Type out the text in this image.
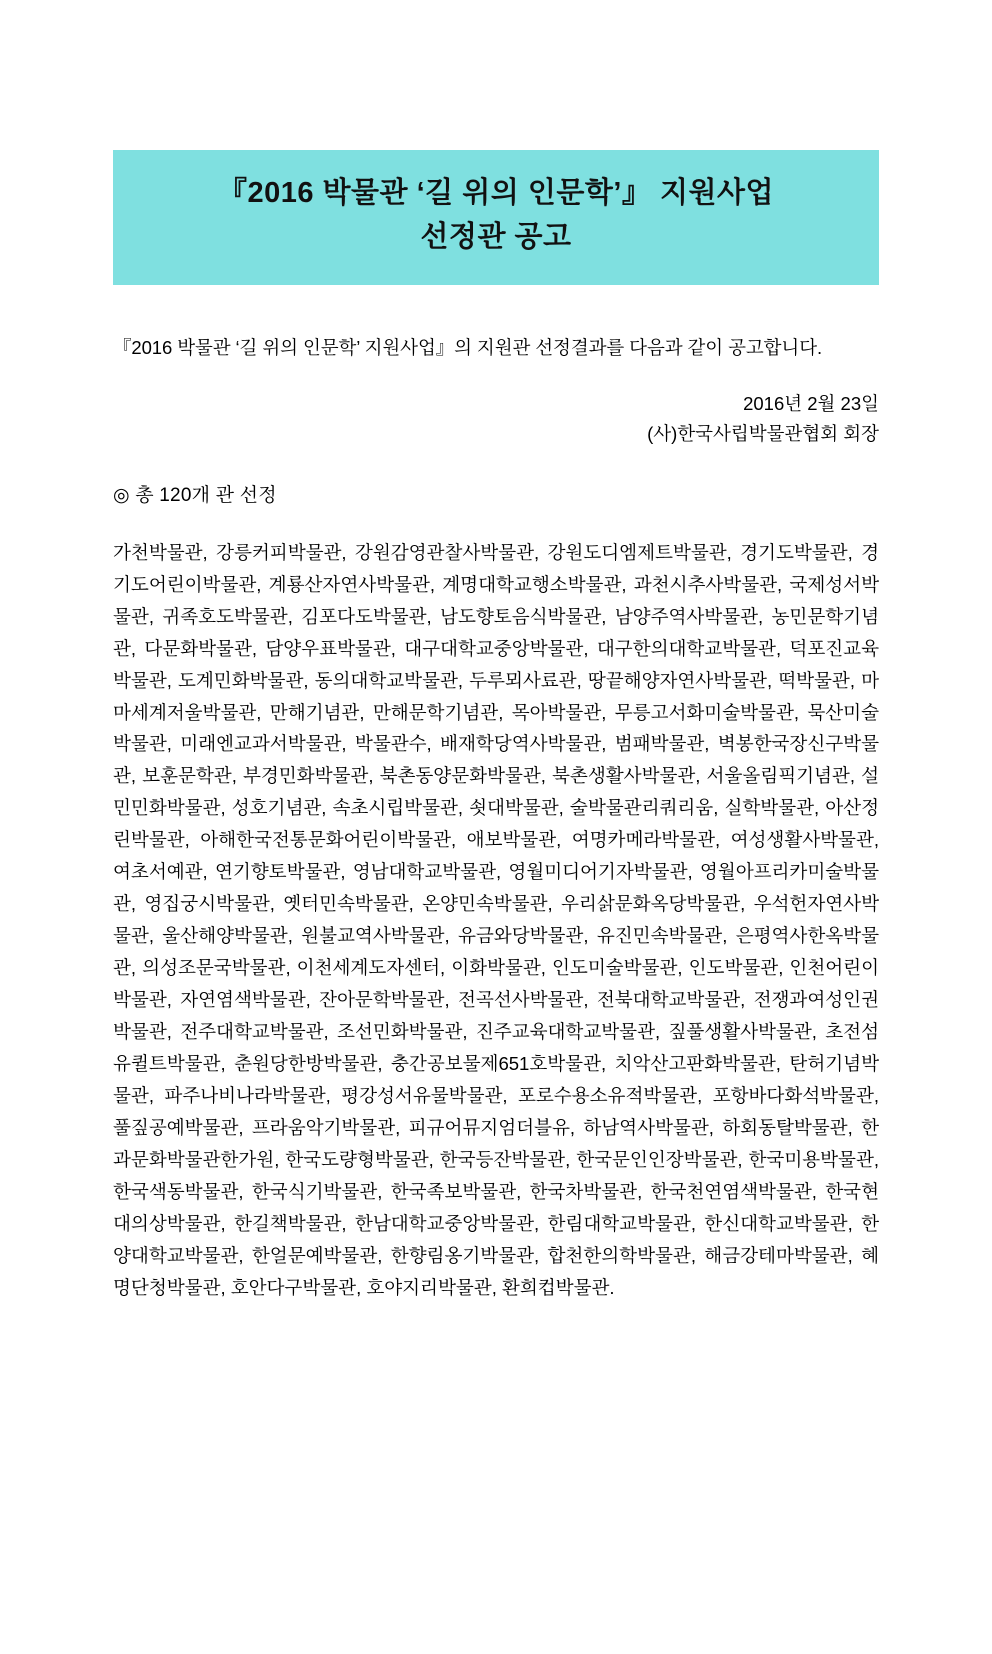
『2016 박물관 ‘길 위의 인문학’』 지원사업
선정관 공고

『2016 박물관 ‘길 위의 인문학’ 지원사업』의 지원관 선정결과를 다음과 같이 공고합니다.

2016년 2월 23일
(사)한국사립박물관협회 회장
◎ 총 120개 관 선정
가천박물관, 강릉커피박물관, 강원감영관찰사박물관, 강원도디엠제트박물관, 경기도박물관, 경기도어린이박물관, 계룡산자연사박물관, 계명대학교행소박물관, 과천시추사박물관, 국제성서박물관, 귀족호도박물관, 김포다도박물관, 남도향토음식박물관, 남양주역사박물관, 농민문학기념관, 다문화박물관, 담양우표박물관, 대구대학교중앙박물관, 대구한의대학교박물관, 덕포진교육박물관, 도계민화박물관, 동의대학교박물관, 두루뫼사료관, 땅끝해양자연사박물관, 떡박물관, 마마세계저울박물관, 만해기념관, 만해문학기념관, 목아박물관, 무릉고서화미술박물관, 묵산미술박물관, 미래엔교과서박물관, 박물관수, 배재학당역사박물관, 범패박물관, 벽봉한국장신구박물관, 보훈문학관, 부경민화박물관, 북촌동양문화박물관, 북촌생활사박물관, 서울올림픽기념관, 설민민화박물관, 성호기념관, 속초시립박물관, 쇳대박물관, 술박물관리쿼리움, 실학박물관, 아산정린박물관, 아해한국전통문화어린이박물관, 애보박물관, 여명카메라박물관, 여성생활사박물관, 여초서예관, 연기향토박물관, 영남대학교박물관, 영월미디어기자박물관, 영월아프리카미술박물관, 영집궁시박물관, 옛터민속박물관, 온양민속박물관, 우리삵문화옥당박물관, 우석헌자연사박물관, 울산해양박물관, 원불교역사박물관, 유금와당박물관, 유진민속박물관, 은평역사한옥박물관, 의성조문국박물관, 이천세계도자센터, 이화박물관, 인도미술박물관, 인도박물관, 인천어린이박물관, 자연염색박물관, 잔아문학박물관, 전곡선사박물관, 전북대학교박물관, 전쟁과여성인권박물관, 전주대학교박물관, 조선민화박물관, 진주교육대학교박물관, 짚풀생활사박물관, 초전섬유퀼트박물관, 춘원당한방박물관, 충간공보물제651호박물관, 치악산고판화박물관, 탄허기념박물관, 파주나비나라박물관, 평강성서유물박물관, 포로수용소유적박물관, 포항바다화석박물관, 풀짚공예박물관, 프라움악기박물관, 피규어뮤지엄더블유, 하남역사박물관, 하회동탈박물관, 한과문화박물관한가원, 한국도량형박물관, 한국등잔박물관, 한국문인인장박물관, 한국미용박물관, 한국색동박물관, 한국식기박물관, 한국족보박물관, 한국차박물관, 한국천연염색박물관, 한국현대의상박물관, 한길책박물관, 한남대학교중앙박물관, 한림대학교박물관, 한신대학교박물관, 한양대학교박물관, 한얼문예박물관, 한향림옹기박물관, 합천한의학박물관, 해금강테마박물관, 혜명단청박물관, 호안다구박물관, 호야지리박물관, 환희컵박물관.
